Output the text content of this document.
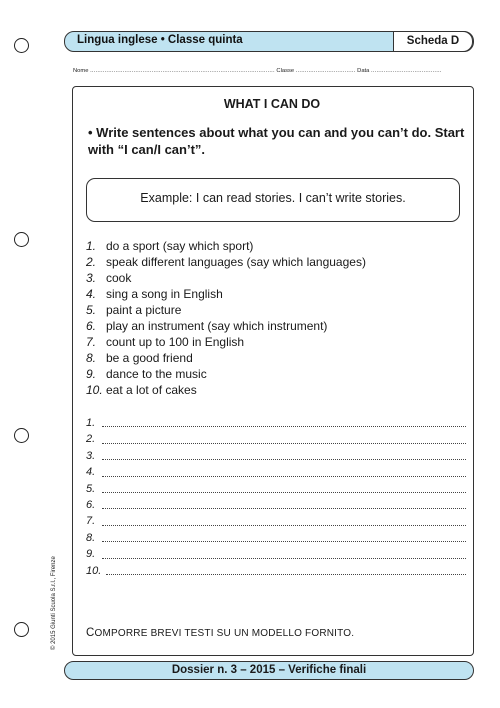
Lingua inglese • Classe quinta	Scheda D
Nome ...................................................................................................... Classe ................................. Data .......................................
WHAT I CAN DO
• Write sentences about what you can and you can’t do. Start with “I can/I can’t”.
Example: I can read stories. I can’t write stories.
1. do a sport (say which sport)
2. speak different languages (say which languages)
3. cook
4. sing a song in English
5. paint a picture
6. play an instrument (say which instrument)
7. count up to 100 in English
8. be a good friend
9. dance to the music
10. eat a lot of cakes
1.
2.
3.
4.
5.
6.
7.
8.
9.
10.
COMPORRE BREVI TESTI SU UN MODELLO FORNITO.
© 2015 Giunti Scuola S.r.l., Firenze
Dossier n. 3 – 2015 – Verifiche finali
